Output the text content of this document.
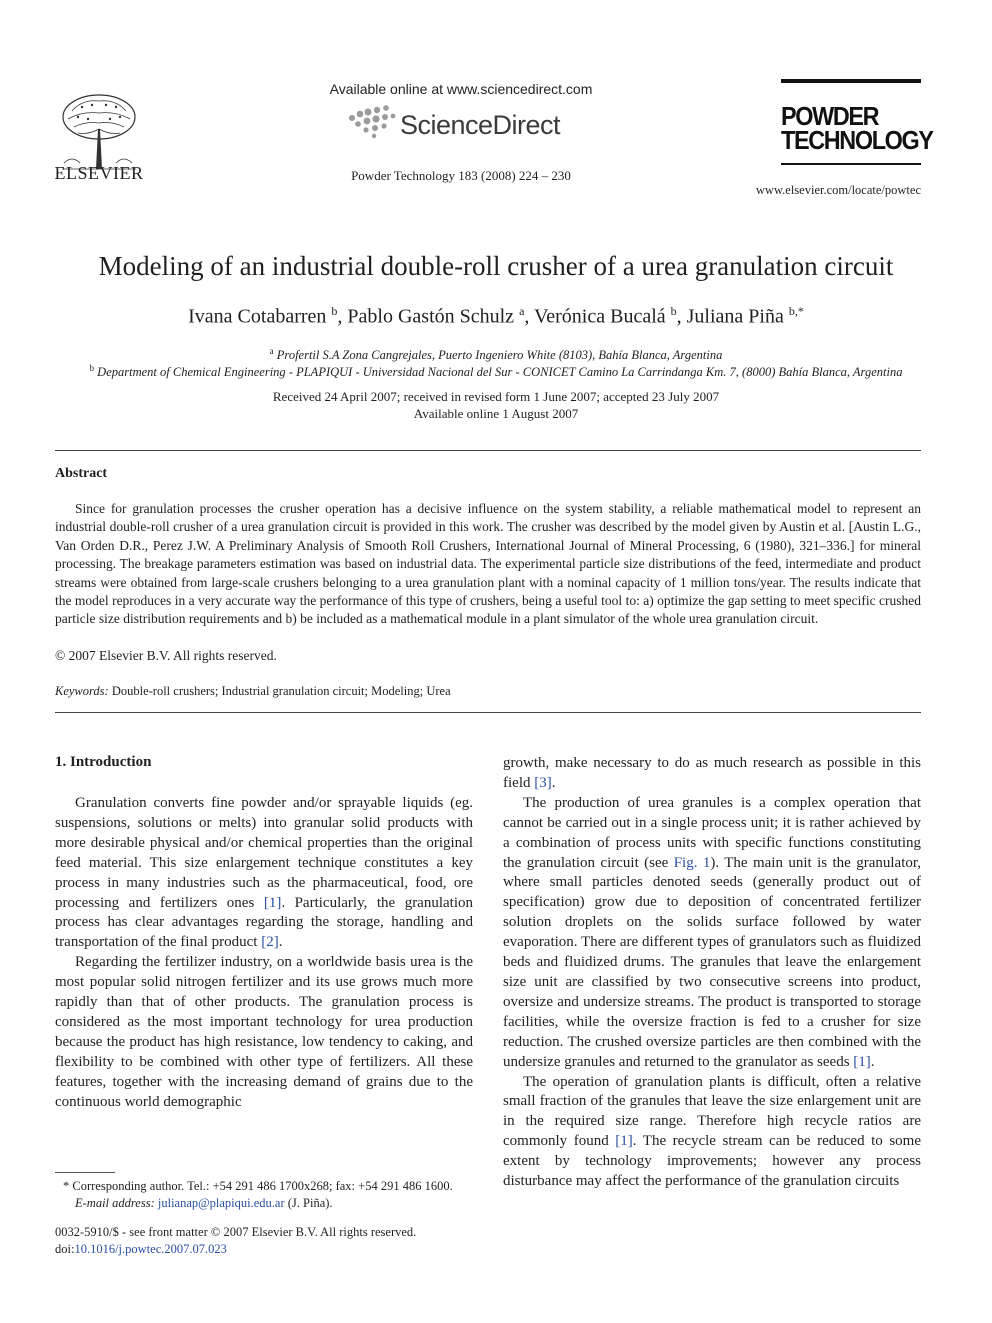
ELSEVIER
Available online at www.sciencedirect.com
ScienceDirect
Powder Technology 183 (2008) 224 – 230
POWDER
TECHNOLOGY
www.elsevier.com/locate/powtec
Modeling of an industrial double-roll crusher of a urea granulation circuit
Ivana Cotabarren $^b$, Pablo Gastón Schulz $^a$, Verónica Bucalá $^b$, Juliana Piña $^{b,*}$
$^a$ Profertil S.A Zona Cangrejales, Puerto Ingeniero White (8103), Bahía Blanca, Argentina
$^b$ Department of Chemical Engineering - PLAPIQUI - Universidad Nacional del Sur - CONICET Camino La Carrindanga Km. 7, (8000) Bahía Blanca, Argentina
Received 24 April 2007; received in revised form 1 June 2007; accepted 23 July 2007
Available online 1 August 2007
Abstract

Since for granulation processes the crusher operation has a decisive influence on the system stability, a reliable mathematical model to represent an industrial double-roll crusher of a urea granulation circuit is provided in this work. The crusher was described by the model given by Austin et al. [Austin L.G., Van Orden D.R., Perez J.W. A Preliminary Analysis of Smooth Roll Crushers, International Journal of Mineral Processing, 6 (1980), 321–336.] for mineral processing. The breakage parameters estimation was based on industrial data. The experimental particle size distributions of the feed, intermediate and product streams were obtained from large-scale crushers belonging to a urea granulation plant with a nominal capacity of 1 million tons/year. The results indicate that the model reproduces in a very accurate way the performance of this type of crushers, being a useful tool to: a) optimize the gap setting to meet specific crushed particle size distribution requirements and b) be included as a mathematical module in a plant simulator of the whole urea granulation circuit.

© 2007 Elsevier B.V. All rights reserved.
Keywords: Double-roll crushers; Industrial granulation circuit; Modeling; Urea
1. Introduction

Granulation converts fine powder and/or sprayable liquids (eg. suspensions, solutions or melts) into granular solid products with more desirable physical and/or chemical properties than the original feed material. This size enlargement technique constitutes a key process in many industries such as the pharmaceutical, food, ore processing and fertilizers ones [1]. Particularly, the granulation process has clear advantages regarding the storage, handling and transportation of the final product [2].

Regarding the fertilizer industry, on a worldwide basis urea is the most popular solid nitrogen fertilizer and its use grows much more rapidly than that of other products. The granulation process is considered as the most important technology for urea production because the product has high resistance, low tendency to caking, and flexibility to be combined with other type of fertilizers. All these features, together with the increasing demand of grains due to the continuous world demographic

growth, make necessary to do as much research as possible in this field [3].

The production of urea granules is a complex operation that cannot be carried out in a single process unit; it is rather achieved by a combination of process units with specific functions constituting the granulation circuit (see Fig. 1). The main unit is the granulator, where small particles denoted seeds (generally product out of specification) grow due to deposition of concentrated fertilizer solution droplets on the solids surface followed by water evaporation. There are different types of granulators such as fluidized beds and fluidized drums. The granules that leave the enlargement size unit are classified by two consecutive screens into product, oversize and undersize streams. The product is transported to storage facilities, while the oversize fraction is fed to a crusher for size reduction. The crushed oversize particles are then combined with the undersize granules and returned to the granulator as seeds [1].

The operation of granulation plants is difficult, often a relative small fraction of the granules that leave the size enlargement unit are in the required size range. Therefore high recycle ratios are commonly found [1]. The recycle stream can be reduced to some extent by technology improvements; however any process disturbance may affect the performance of the granulation circuits

* Corresponding author. Tel.: +54 291 486 1700x268; fax: +54 291 486 1600.
E-mail address: julianap@plapiqui.edu.ar (J. Piña).
0032-5910/$ - see front matter © 2007 Elsevier B.V. All rights reserved.
doi:10.1016/j.powtec.2007.07.023
